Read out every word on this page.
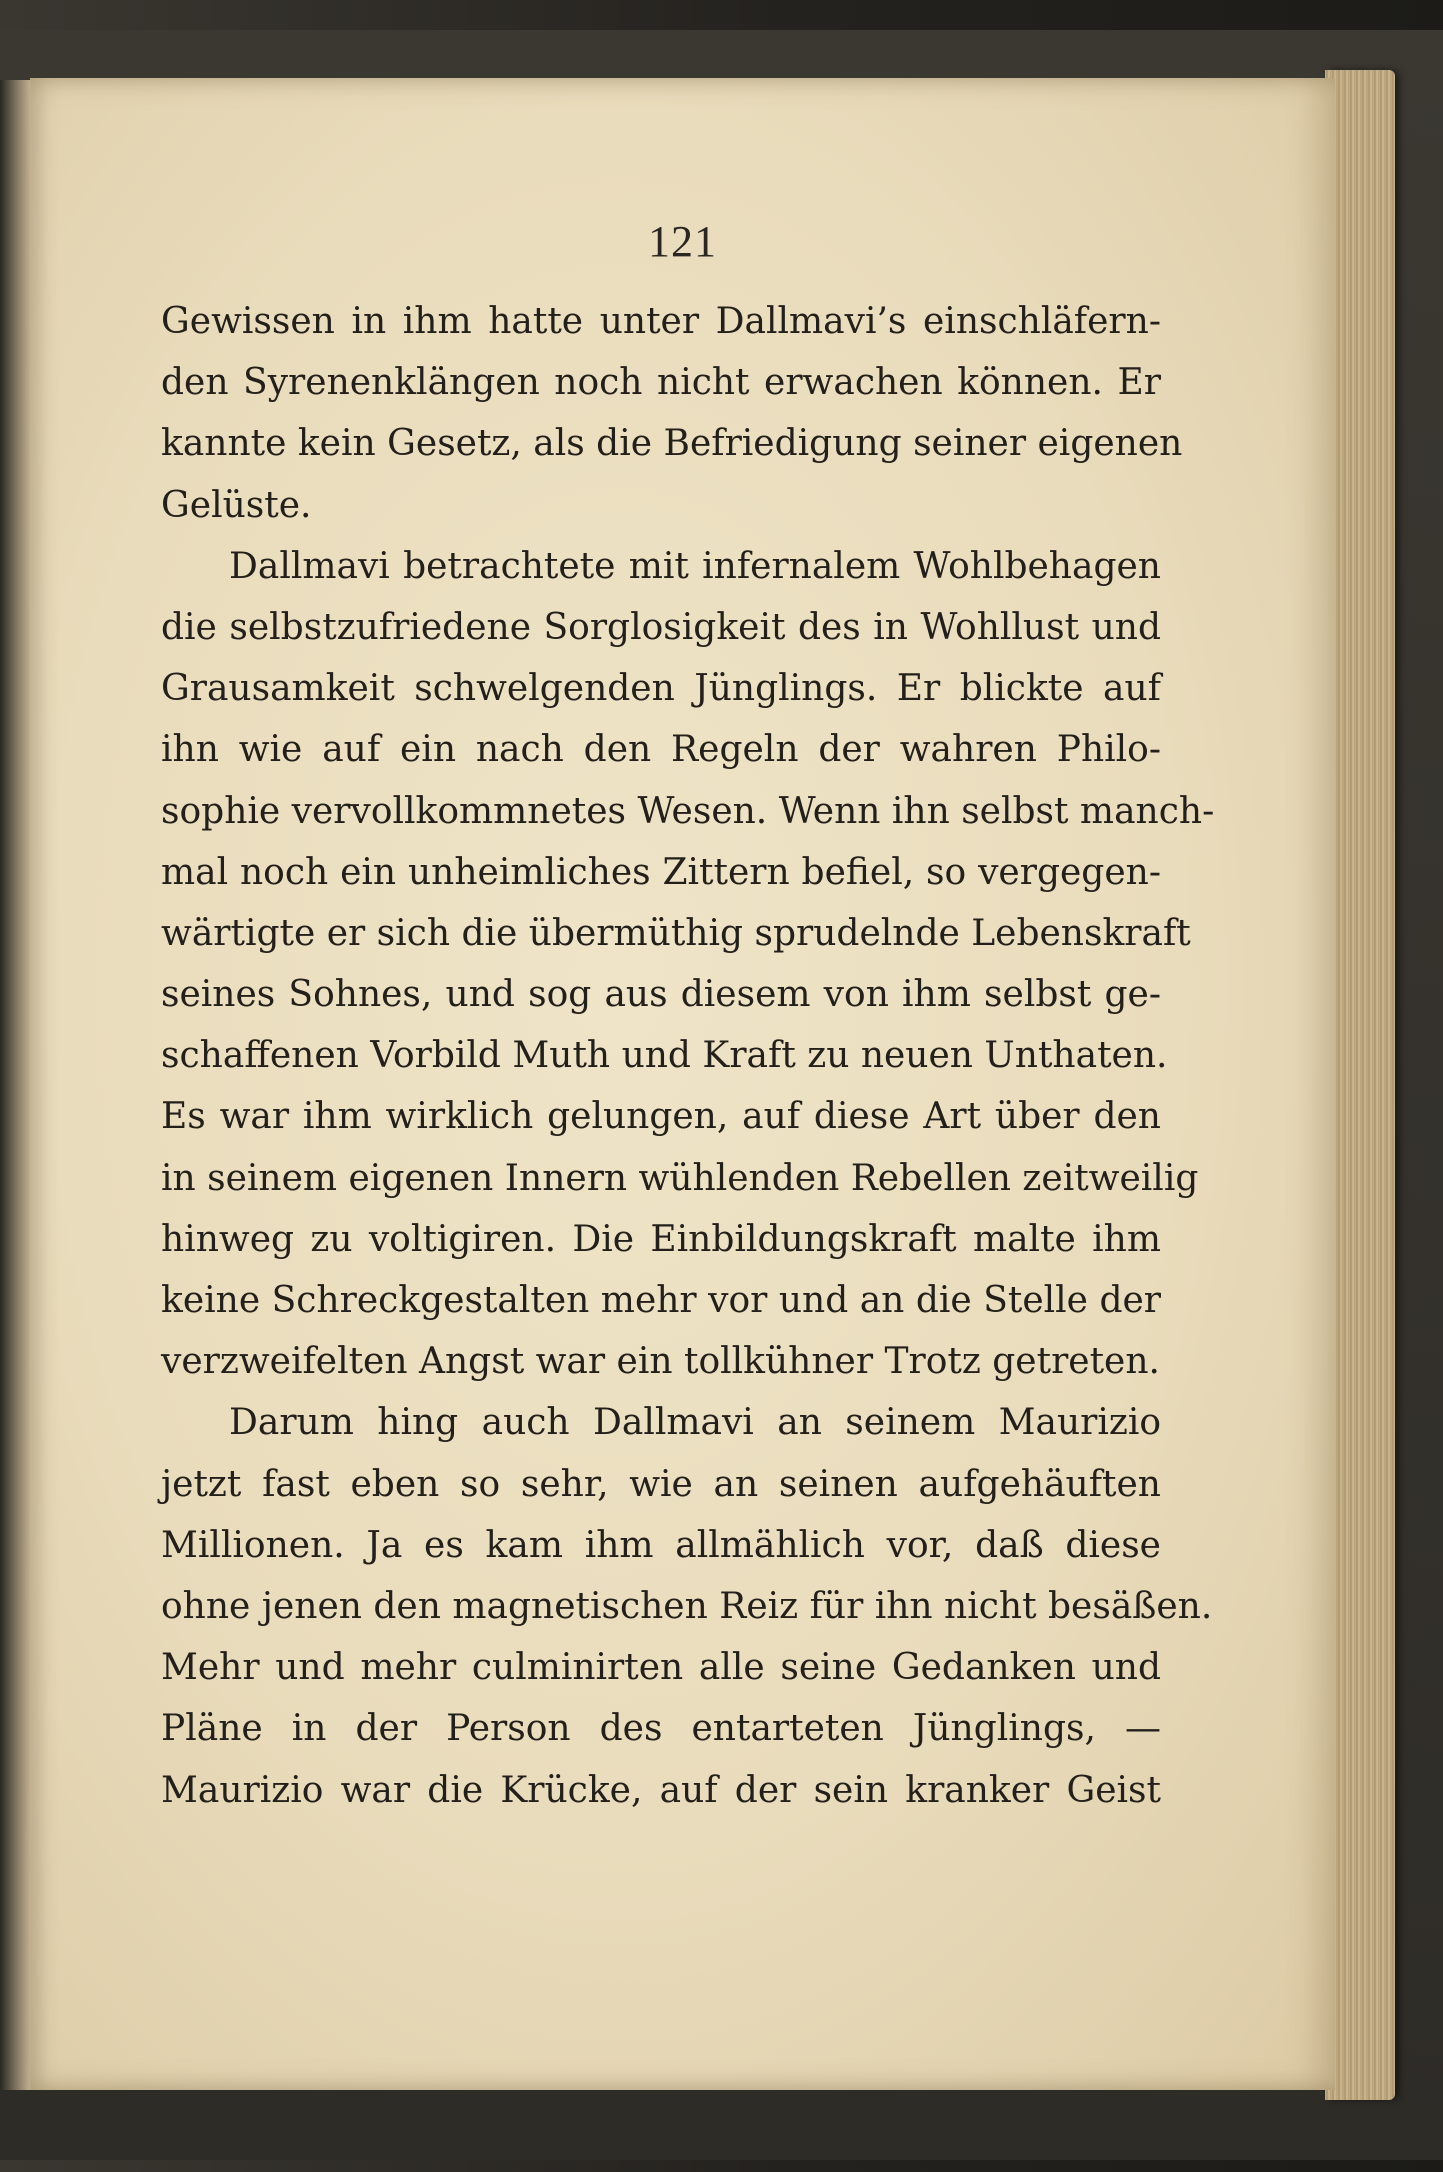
121
Gewissen in ihm hatte unter Dallmavi’s einschläfern-
den Syrenenklängen noch nicht erwachen können. Er
kannte kein Gesetz, als die Befriedigung seiner eigenen
Gelüste.
Dallmavi betrachtete mit infernalem Wohlbehagen
die selbstzufriedene Sorglosigkeit des in Wohllust und
Grausamkeit schwelgenden Jünglings. Er blickte auf
ihn wie auf ein nach den Regeln der wahren Philo-
sophie vervollkommnetes Wesen. Wenn ihn selbst manch-
mal noch ein unheimliches Zittern befiel, so vergegen-
wärtigte er sich die übermüthig sprudelnde Lebenskraft
seines Sohnes, und sog aus diesem von ihm selbst ge-
schaffenen Vorbild Muth und Kraft zu neuen Unthaten.
Es war ihm wirklich gelungen, auf diese Art über den
in seinem eigenen Innern wühlenden Rebellen zeitweilig
hinweg zu voltigiren. Die Einbildungskraft malte ihm
keine Schreckgestalten mehr vor und an die Stelle der
verzweifelten Angst war ein tollkühner Trotz getreten.
Darum hing auch Dallmavi an seinem Maurizio
jetzt fast eben so sehr, wie an seinen aufgehäuften
Millionen. Ja es kam ihm allmählich vor, daß diese
ohne jenen den magnetischen Reiz für ihn nicht besäßen.
Mehr und mehr culminirten alle seine Gedanken und
Pläne in der Person des entarteten Jünglings, —
Maurizio war die Krücke, auf der sein kranker Geist
